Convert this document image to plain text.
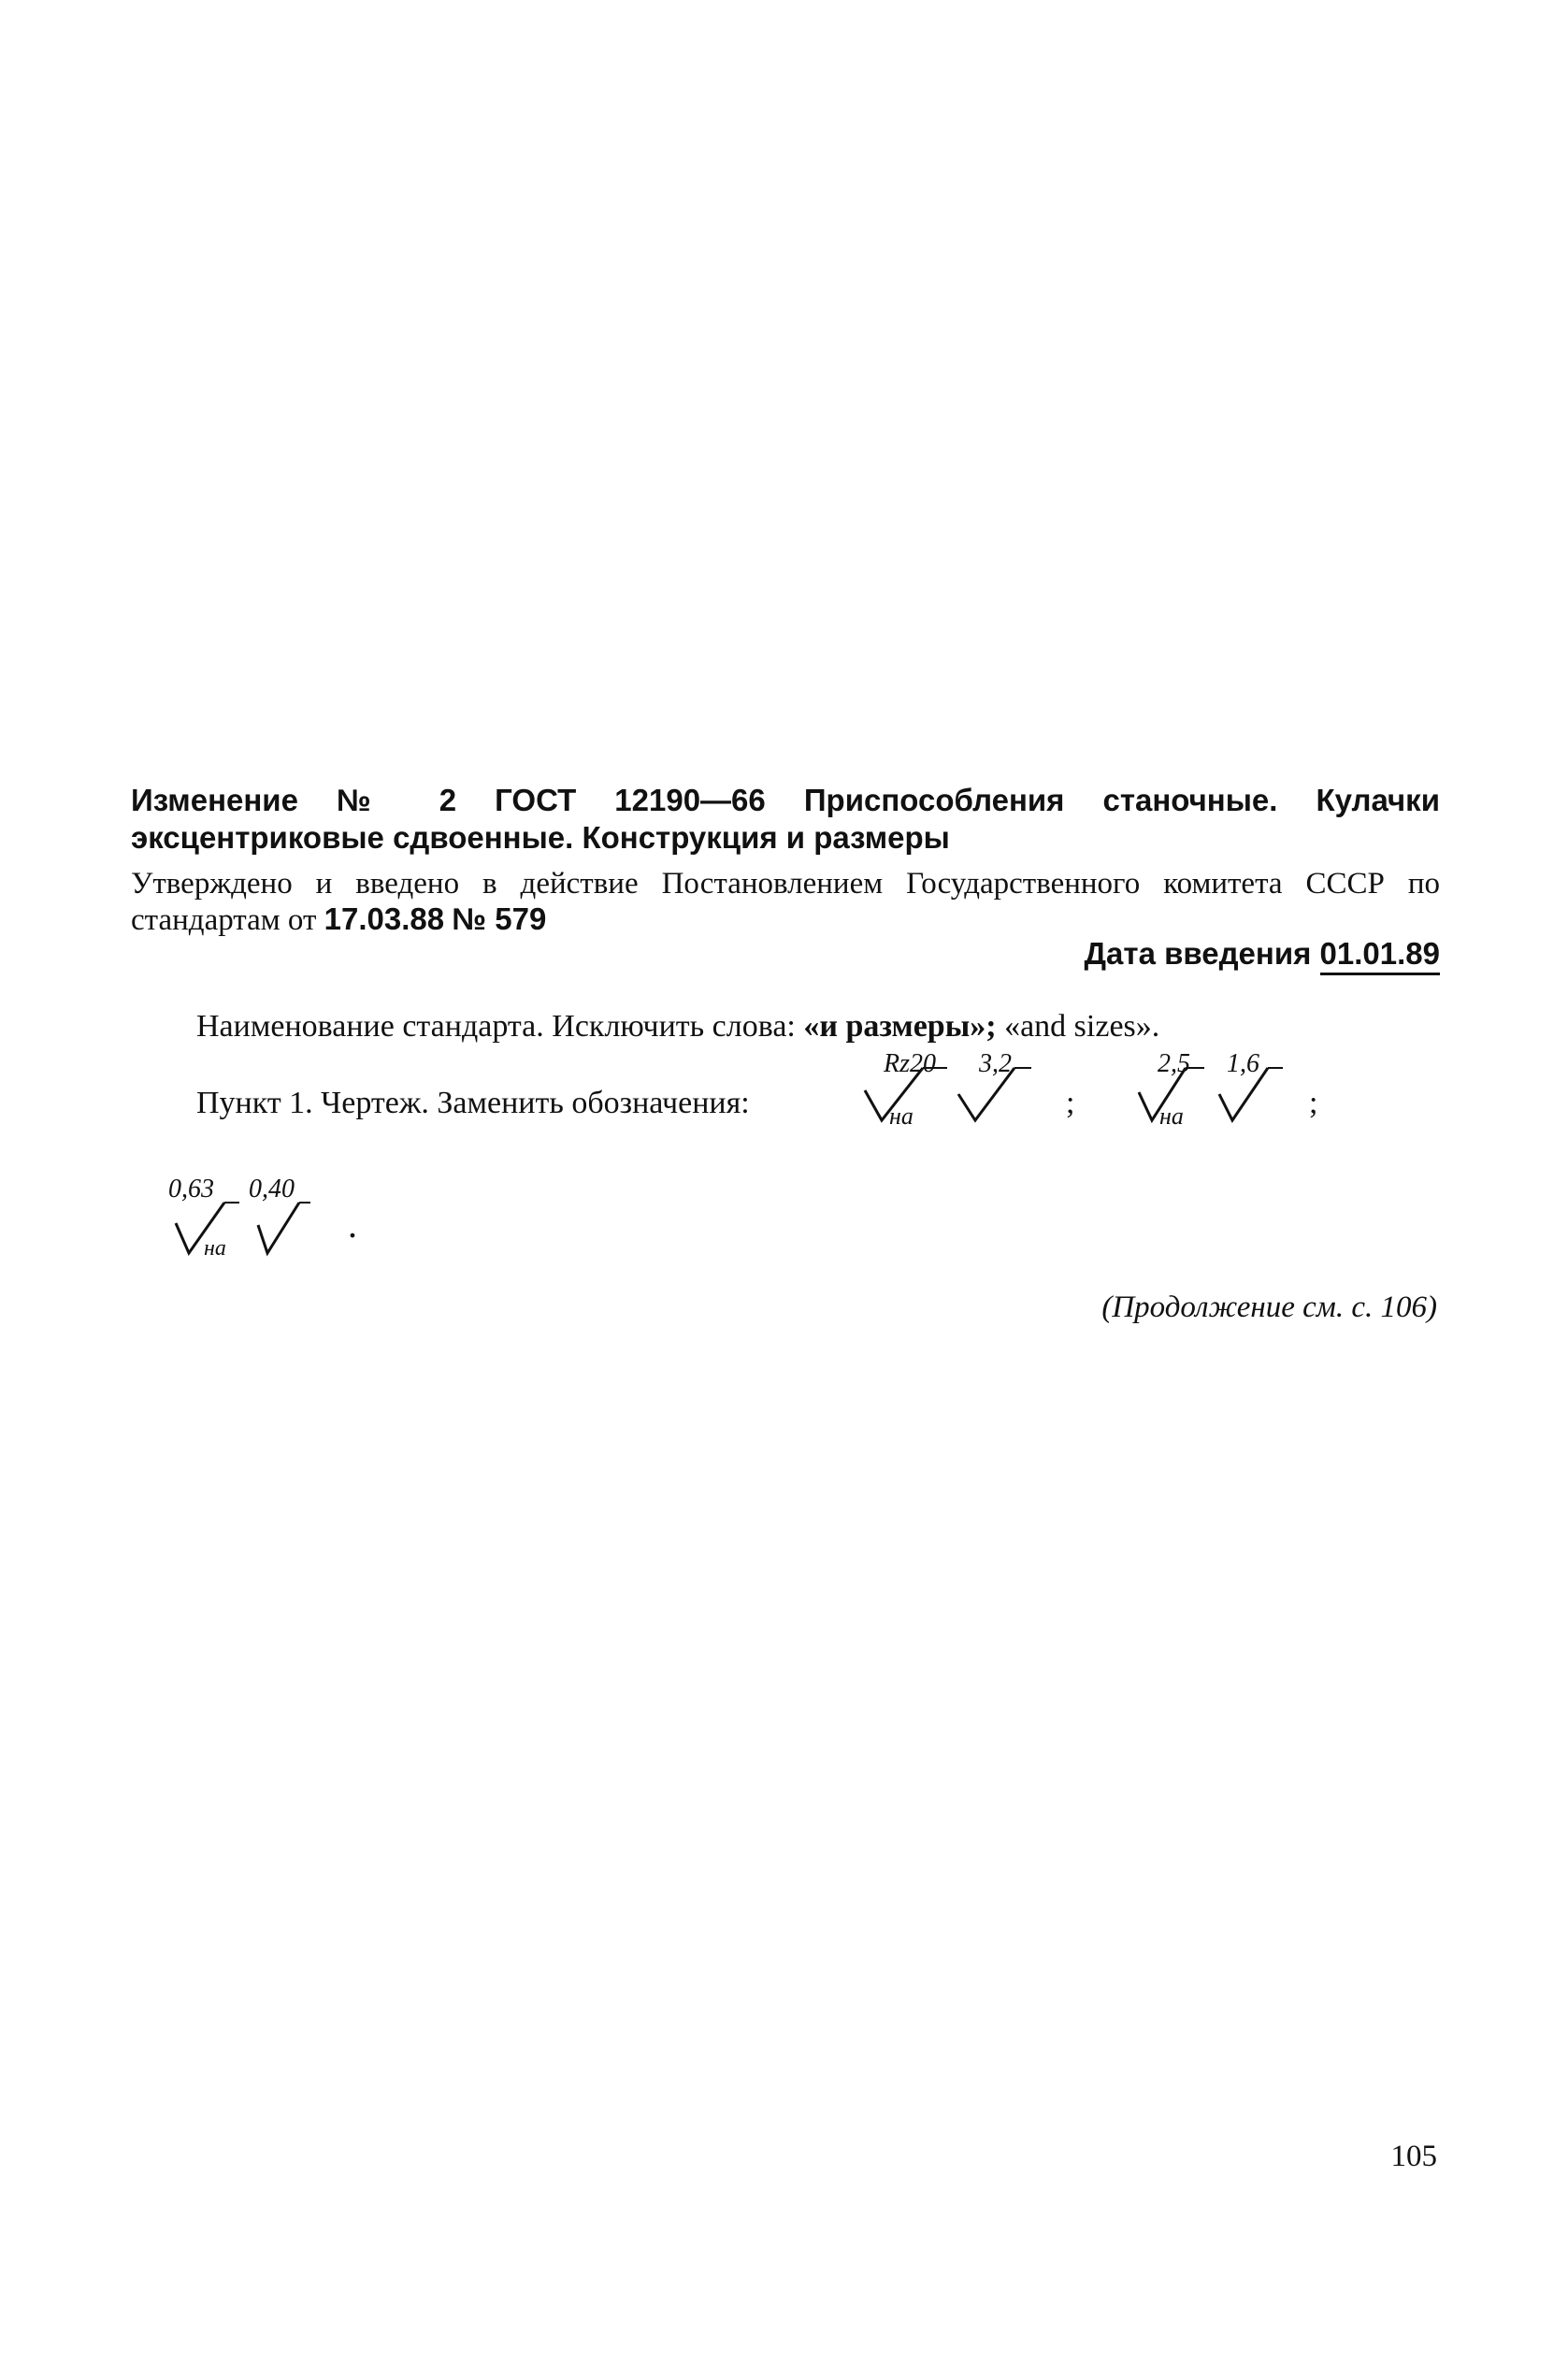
Изменение № 2 ГОСТ 12190—66 Приспособления станочные. Кулачки эксцентриковые сдвоенные. Конструкция и размеры
Утверждено и введено в действие Постановлением Государственного комитета СССР по стандартам от 17.03.88 № 579
Дата введения 01.01.89
Наименование стандарта. Исключить слова: «и размеры»; «and sizes».
Пункт 1. Чертеж. Заменить обозначения:
Rz20 3,2
на	;
2,5 1,6
на	;
0,63 0,40
на
.
(Продолжение см. с. 106)
105
